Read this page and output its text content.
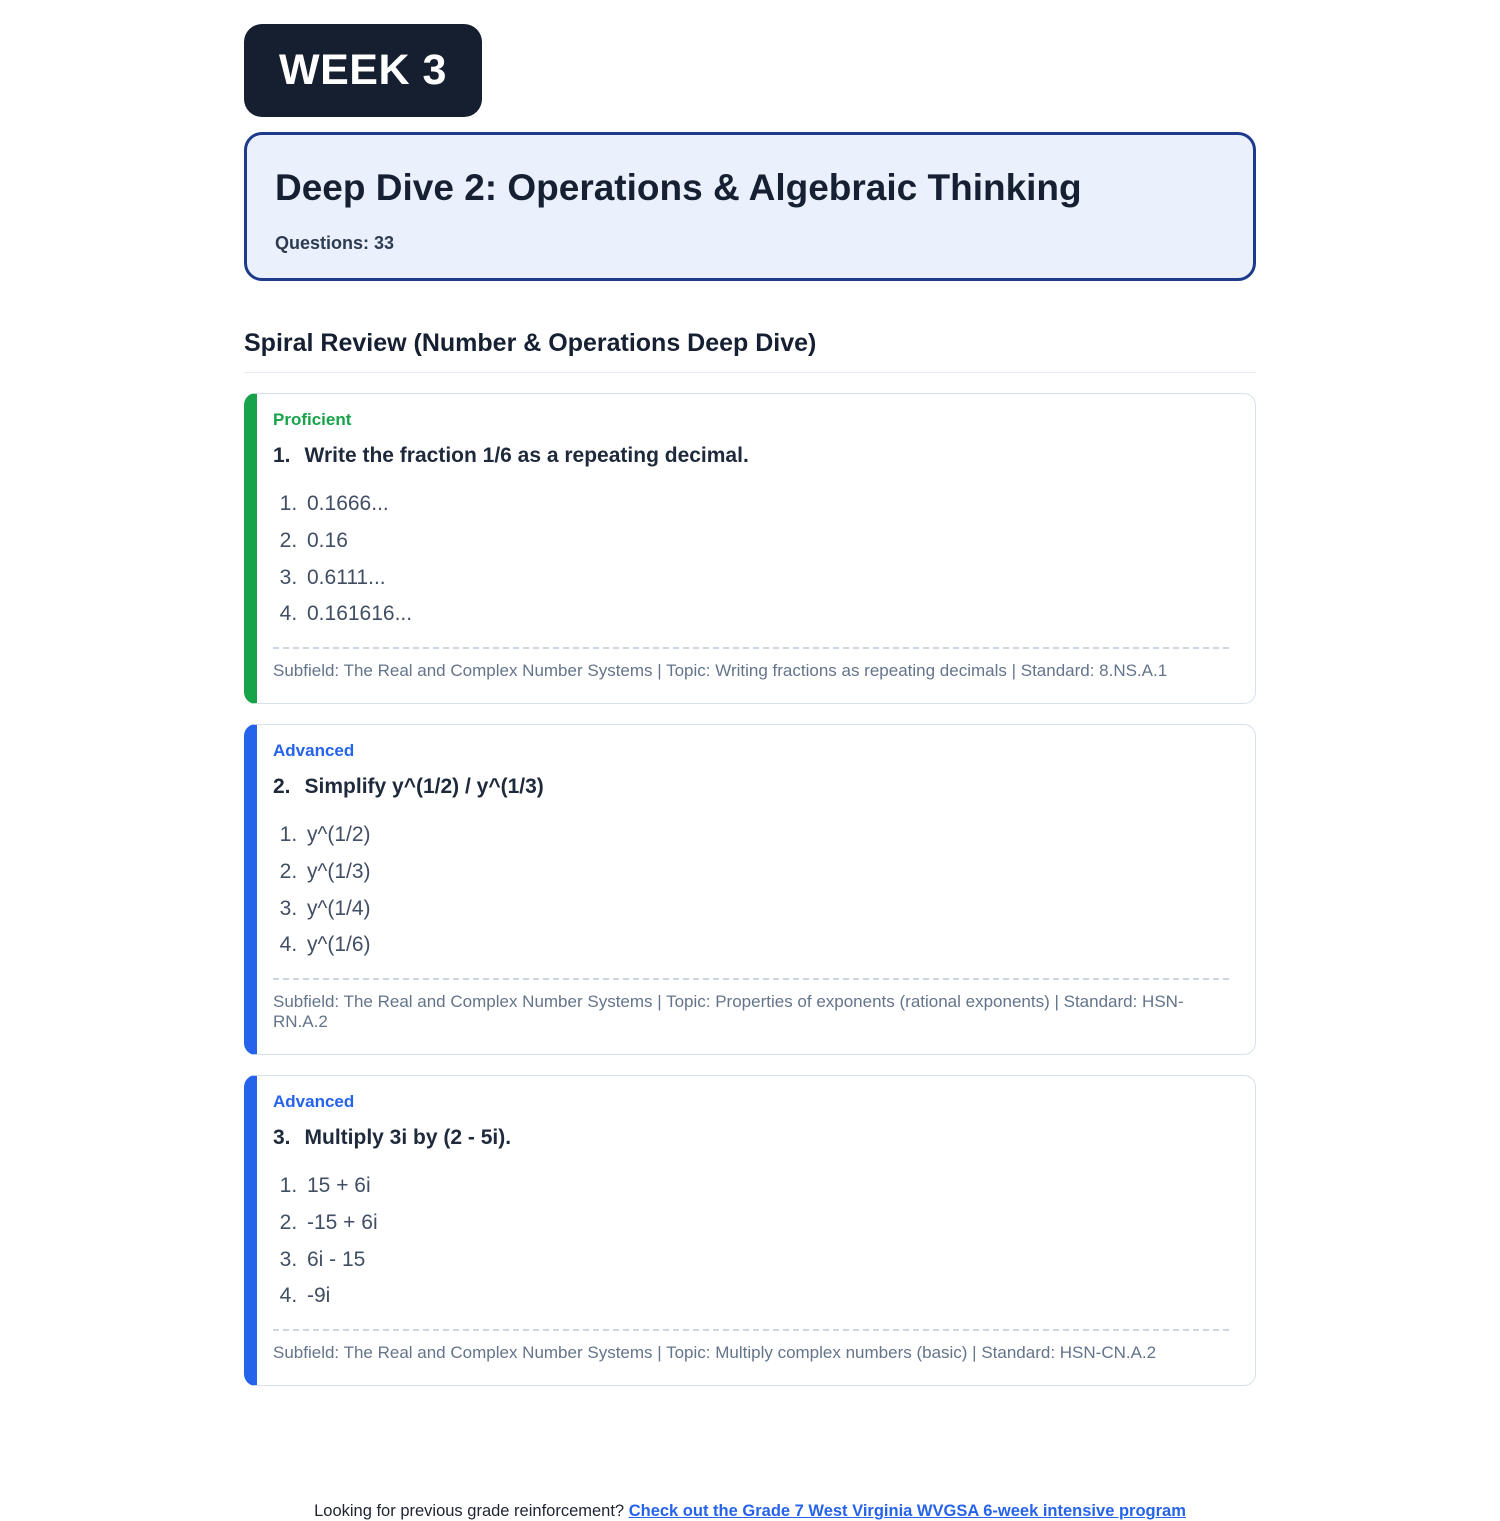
WEEK 3
Deep Dive 2: Operations & Algebraic Thinking

Questions: 33

Spiral Review (Number & Operations Deep Dive)
Proficient
1. Write the fraction 1/6 as a repeating decimal.
1. 0.1666...
2. 0.16
3. 0.6111...
4. 0.161616...

Subfield: The Real and Complex Number Systems | Topic: Writing fractions as repeating decimals | Standard: 8.NS.A.1

Advanced
2. Simplify y^(1/2) / y^(1/3)
1. y^(1/2)
2. y^(1/3)
3. y^(1/4)
4. y^(1/6)

Subfield: The Real and Complex Number Systems | Topic: Properties of exponents (rational exponents) | Standard: HSN-RN.A.2

Advanced
3. Multiply 3i by (2 - 5i).
1. 15 + 6i
2. -15 + 6i
3. 6i - 15
4. -9i

Subfield: The Real and Complex Number Systems | Topic: Multiply complex numbers (basic) | Standard: HSN-CN.A.2

Looking for previous grade reinforcement? Check out the Grade 7 West Virginia WVGSA 6-week intensive program
